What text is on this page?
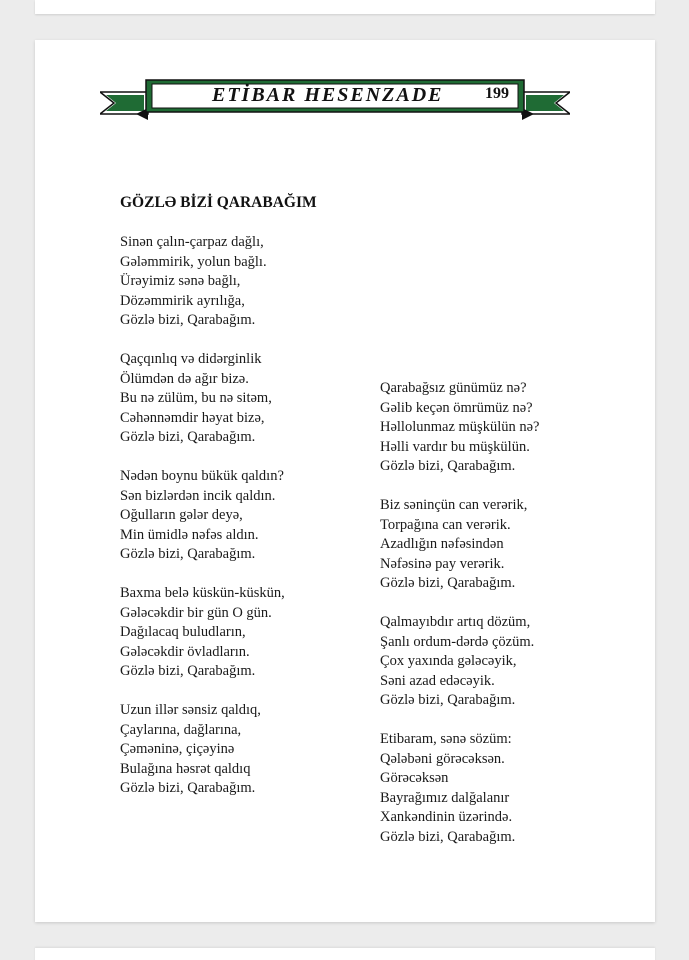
ETİBAR HESENZADE	199
GÖZLƏ BİZİ QARABAĞIM
Sinən çalın-çarpaz dağlı,
Gələmmirik, yolun bağlı.
Ürəyimiz sənə bağlı,
Dözəmmirik ayrılığa,
Gözlə bizi, Qarabağım.
Qaçqınlıq və didərginlik
Ölümdən də ağır bizə.
Bu nə zülüm, bu nə sitəm,
Cəhənnəmdir həyat bizə,
Gözlə bizi, Qarabağım.
Nədən boynu bükük qaldın?
Sən bizlərdən incik qaldın.
Oğulların gələr deyə,
Min ümidlə nəfəs aldın.
Gözlə bizi, Qarabağım.
Baxma belə küskün-küskün,
Gələcəkdir bir gün O gün.
Dağılacaq buludların,
Gələcəkdir övladların.
Gözlə bizi, Qarabağım.
Uzun illər sənsiz qaldıq,
Çaylarına, dağlarına,
Çəməninə, çiçəyinə
Bulağına həsrət qaldıq
Gözlə bizi, Qarabağım.
Qarabağsız günümüz nə?
Gəlib keçən ömrümüz nə?
Həllolunmaz müşkülün nə?
Həlli vardır bu müşkülün.
Gözlə bizi, Qarabağım.
Biz səninçün can verərik,
Torpağına can verərik.
Azadlığın nəfəsindən
Nəfəsinə pay verərik.
Gözlə bizi, Qarabağım.
Qalmayıbdır artıq dözüm,
Şanlı ordum-dərdə çözüm.
Çox yaxında gələcəyik,
Səni azad edəcəyik.
Gözlə bizi, Qarabağım.
Etibaram, sənə sözüm:
Qələbəni görəcəksən.
Görəcəksən
Bayrağımız dalğalanır
Xankəndinin üzərində.
Gözlə bizi, Qarabağım.
